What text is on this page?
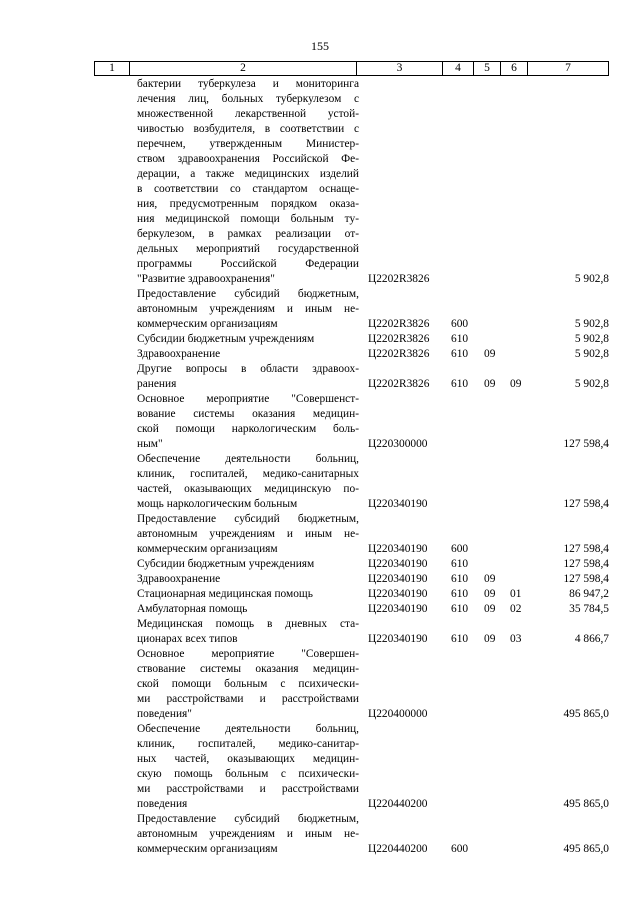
155
1	2	3	4	5	6	7
бактерии туберкулеза и мониторинга
лечения лиц, больных туберкулезом с
множественной лекарственной устой-
чивостью возбудителя, в соответствии с
перечнем, утвержденным Министер-
ством здравоохранения Российской Фе-
дерации, а также медицинских изделий
в соответствии со стандартом оснаще-
ния, предусмотренным порядком оказа-
ния медицинской помощи больным ту-
беркулезом, в рамках реализации от-
дельных мероприятий государственной
программы Российской Федерации
"Развитие здравоохранения"	Ц2202R3826	5 902,8
Предоставление субсидий бюджетным,
автономным учреждениям и иным не-
коммерческим организациям	Ц2202R3826 600	5 902,8
Субсидии бюджетным учреждениям	Ц2202R3826 610	5 902,8
Здравоохранение	Ц2202R3826 610 09	5 902,8
Другие вопросы в области здравоох-
ранения	Ц2202R3826 610 09 09	5 902,8
Основное мероприятие "Совершенст-
вование системы оказания медицин-
ской помощи наркологическим боль-
ным"	Ц220300000	127 598,4
Обеспечение деятельности больниц,
клиник, госпиталей, медико-санитарных
частей, оказывающих медицинскую по-
мощь наркологическим больным	Ц220340190	127 598,4
Предоставление субсидий бюджетным,
автономным учреждениям и иным не-
коммерческим организациям	Ц220340190 600	127 598,4
Субсидии бюджетным учреждениям	Ц220340190 610	127 598,4
Здравоохранение	Ц220340190 610 09	127 598,4
Стационарная медицинская помощь	Ц220340190 610 09 01	86 947,2
Амбулаторная помощь	Ц220340190 610 09 02	35 784,5
Медицинская помощь в дневных ста-
ционарах всех типов	Ц220340190 610 09 03	4 866,7
Основное мероприятие "Совершен-
ствование системы оказания медицин-
ской помощи больным с психически-
ми расстройствами и расстройствами
поведения"	Ц220400000	495 865,0
Обеспечение деятельности больниц,
клиник, госпиталей, медико-санитар-
ных частей, оказывающих медицин-
скую помощь больным с психически-
ми расстройствами и расстройствами
поведения	Ц220440200	495 865,0
Предоставление субсидий бюджетным,
автономным учреждениям и иным не-
коммерческим организациям	Ц220440200 600	495 865,0
